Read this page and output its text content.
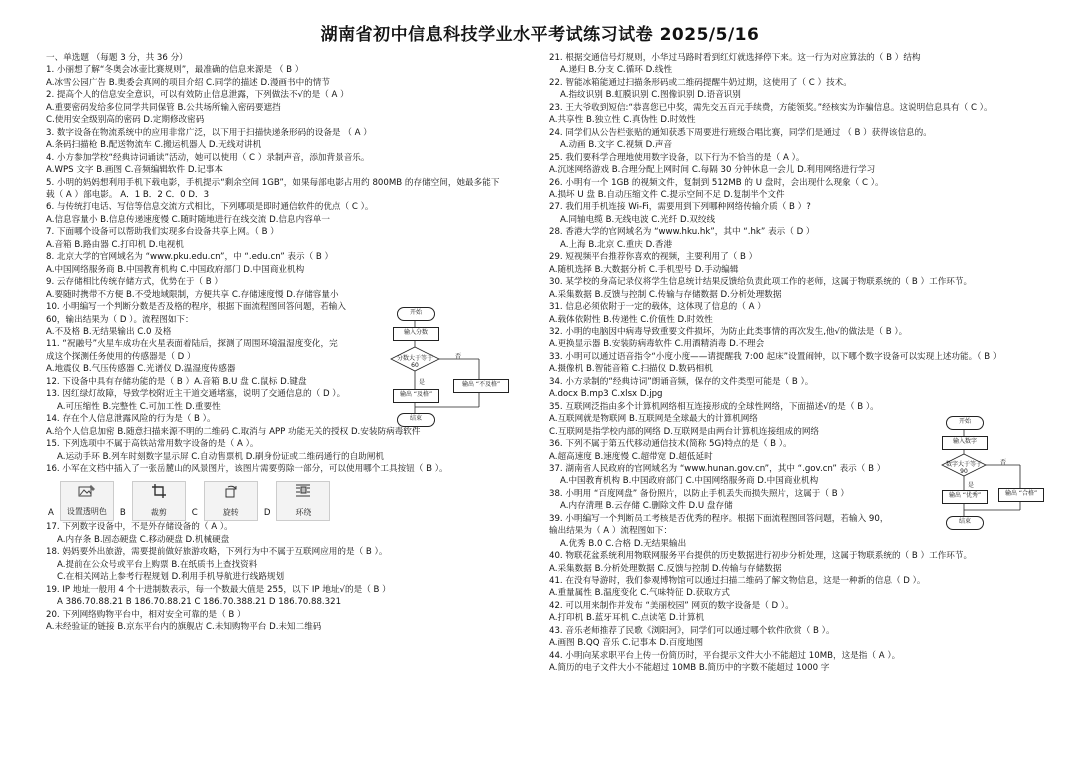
湖南省初中信息科技学业水平考试练习试卷 2025/5/16
一、单选题 （每题 3 分，共 36 分）
1. 小丽想了解“冬奥会冰壶比赛规则”，最准确的信息来源是 （ B ）
A.冰雪公园广告 B.奥委会真网的项目介绍 C.同学的描述 D.漫画书中的情节
2. 提高个人的信息安全意识，可以有效防止信息泄露，下列做法不√的是（ A ）
A.重要密码发给多位同学共同保管 B.公共场所输入密码要遮挡
C.使用安全级别高的密码 D.定期修改密码
3. 数字设备在物流系统中的应用非常广泛，以下用于扫描快递条形码的设备是 （ A ）
A.条码扫描枪 B.配送物流车 C.搬运机器人 D.无线对讲机
4. 小方参加学校“经典诗词诵读”活动，她可以使用（ C ）录制声音，添加背景音乐。
A.WPS 文字 B.画图 C.音频编辑软件 D.记事本
5. 小明的妈妈想利用手机下载电影，手机提示“剩余空间 1GB”，如果每部电影占用约 800MB 的存储空间，她最多能下
载（ A ）部电影。 A．1 B．2 C．0 D．3
6. 与传统打电话、写信等信息交流方式相比，下列哪项是即时通信软件的优点（ C ）。
A.信息容量小 B.信息传递速度慢 C.随时随地进行在线交流 D.信息内容单一
7. 下面哪个设备可以帮助我们实现多台设备共享上网。（ B ）
A.音箱 B.路由器 C.打印机 D.电视机
8. 北京大学的官网域名为 “www.pku.edu.cn”，中 “.edu.cn” 表示（ B ）
A.中国网络服务商 B.中国教育机构 C.中国政府部门 D.中国商业机构
9. 云存储相比传统存储方式，优势在于（ B ）
A.要随时携带不方便 B.不受地域限制，方便共享 C.存储速度慢 D.存储容量小
10. 小明编写一个判断分数是否及格的程序，根据下面流程图回答问题，若输入
60，输出结果为（ D ）。流程图如下：
A.不及格 B.无结果输出 C.0 及格
11. “祝融号”火星车成功在火星表面着陆后，探测了周围环境温湿度变化，完
成这个探测任务使用的传感器是（ D ）
A.地震仪 B.气压传感器 C.光谱仪 D.温湿度传感器
12. 下设备中具有存储功能的是（ B ）A.音箱 B.U 盘 C.鼠标 D.键盘
13. 因红绿灯故障，导致学校附近主干道交通堵塞，说明了交通信息的（ D ）。
A.可压缩性 B.完整性 C.可加工性 D.重要性
14. 存在个人信息泄露风险的行为是（ B ）。
A.给个人信息加密 B.随意扫描来源不明的二维码 C.取消与 APP 功能无关的授权 D.安装防病毒软件
15. 下列选项中不属于高铁站常用数字设备的是（ A ）。
A.运动手环 B.列车时刻数字显示屏 C.自动售票机 D.刷身份证或二维码通行的自助闸机
16. 小军在文档中插入了一张岳麓山的风景图片，该图片需要剪除一部分，可以使用哪个工具按钮（ B ）。
A 设置透明色 B	裁剪	C	旋转	D	环绕
17. 下列数字设备中，不是外存储设备的（ A ）。
A.内存条 B.固态硬盘 C.移动硬盘 D.机械硬盘
18. 妈妈要外出旅游，需要提前做好旅游攻略，下列行为中不属于互联网应用的是（ B ）。
A.提前在公众号或平台上购票 B.在纸质书上查找资料
C.在相关网站上参考行程规划 D.利用手机导航进行线路规划
19. IP 地址一般用 4 个十进制数表示，每一个数最大值是 255，以下 IP 地址√的是（ B ）
A 386.70.88.21 B 186.70.88.21 C 186.70.388.21 D 186.70.88.321
20. 下列网络购物平台中，相对安全可靠的是（ B ）
A.未经验证的链接 B.京东平台内的旗舰店 C.未知购物平台 D.未知二维码
21. 根据交通信号灯规则，小华过马路时看到红灯就选择停下来。这一行为对应算法的（ B ）结构
A.递归 B.分支 C.循环 D.线性
22. 智能冰箱能通过扫描条形码或二维码提醒牛奶过期，这使用了（ C ）技术。
A.指纹识别 B.虹膜识别 C.图像识别 D.语音识别
23. 王大爷收到短信:“恭喜您已中奖，需先交五百元手续费，方能领奖。”经核实为诈骗信息。这说明信息具有（ C ）。
A.共享性 B.独立性 C.真伪性 D.时效性
24. 同学们从公告栏张贴的通知获悉下周要进行班级合唱比赛，同学们是通过 （ B ）获得该信息的。
A.动画 B.文字 C.视频 D.声音
25. 我们要科学合理地使用数字设备，以下行为不恰当的是（ A ）。
A.沉迷网络游戏 B.合理分配上网时间 C.每隔 30 分钟休息一会儿 D.利用网络进行学习
26. 小明有一个 1GB 的视频文件，复制到 512MB 的 U 盘时，会出现什么现象（ C ）。
A.损坏 U 盘 B.自动压缩文件 C.提示空间不足 D.复制半个文件
27. 我们用手机连接 Wi-Fi，需要用到下列哪种网络传输介质（ B ）?
A.同轴电缆 B.无线电波 C.光纤 D.双绞线
28. 香港大学的官网域名为 “www.hku.hk”，其中 “.hk” 表示（ D ）
A.上海 B.北京 C.重庆 D.香港
29. 短视频平台推荐你喜欢的视频，主要利用了（ B ）
A.随机选择 B.大数据分析 C.手机型号 D.手动编辑
30. 某学校的身高记录仪将学生信息统计结果反馈给负责此项工作的老师，这属于物联系统的（ B ）工作环节。
A.采集数据 B.反馈与控制 C.传输与存储数据 D.分析处理数据
31. 信息必须依附于一定的载体，这体现了信息的（ A ）
A.载体依附性 B.传递性 C.价值性 D.时效性
32. 小明的电脑因中病毒导致重要文件损坏，为防止此类事情的再次发生,他√的做法是（ B ）。
A.更换显示器 B.安装防病毒软件 C.用酒精消毒 D.不理会
33. 小明可以通过语音指令“小度小度——请提醒我 7:00 起床”设置闹钟，以下哪个数字设备可以实现上述功能。（ B ）
A.摄像机 B.智能音箱 C.扫描仪 D.数码相机
34. 小方录制的“经典诗词”朗诵音频，保存的文件类型可能是（ B ）。
A.docx B.mp3 C.xlsx D.jpg
35. 互联网泛指由多个计算机网络相互连接形成的全球性网络，下面描述√的是（ B ）。
A.互联网就是物联网 B.互联网是全球最大的计算机网络
C.互联网是指学校内部的网络 D.互联网是由两台计算机连接组成的网络
36. 下列不属于第五代移动通信技术(简称 5G)特点的是（ B ）。
A.超高速度 B.速度慢 C.超带宽 D.超低延时
37. 湖南省人民政府的官网域名为 “www.hunan.gov.cn”，其中 “.gov.cn” 表示（ B ）
A.中国教育机构 B.中国政府部门 C.中国网络服务商 D.中国商业机构
38. 小明用 “百度网盘” 备份照片，以防止手机丢失而损失照片，这属于（ B ）
A.内存清理 B.云存储 C.删除文件 D.U 盘存储
39. 小明编写一个判断员工考核是否优秀的程序。根据下面流程图回答问题，若输入 90，
输出结果为（ A ）流程图如下：
A.优秀 B.0 C.合格 D.无结果输出
40. 物联花盆系统利用物联网服务平台提供的历史数据进行初步分析处理，这属于物联系统的（ B ）工作环节。
A.采集数据 B.分析处理数据 C.反馈与控制 D.传输与存储数据
41. 在没有导游时，我们参观博物馆可以通过扫描二维码了解文物信息，这是一种新的信息（ D ）。
A.重量属性 B.温度变化 C.气味特征 D.获取方式
42. 可以用来制作并发布 “美丽校园” 网页的数字设备是（ D ）。
A.打印机 B.蓝牙耳机 C.点读笔 D.计算机
43. 音乐老师推荐了民歌《浏阳河》，同学们可以通过哪个软件欣赏（ B ）。
A.画图 B.QQ 音乐 C.记事本 D.百度地图
44. 小明向某求职平台上传一份简历时，平台提示文件大小不能超过 10MB，这是指（ A ）。
A.简历的电子文件大小不能超过 10MB B.简历中的字数不能超过 1000 字
开始
输入分数
分数大于等于 60
否
是
输出 “及格”
输出 “不及格”
结束	开始
输入数字
数字大于等于 90
否
是
输出 “优秀”	输出 “合格”
结束
